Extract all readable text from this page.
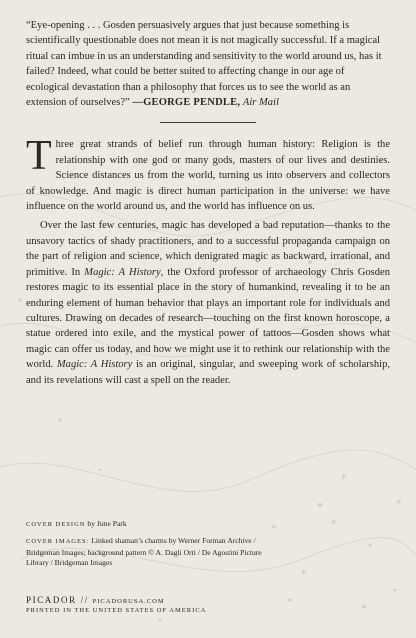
✶
✶
✶
✶
✶
✶

“Eye-opening . . . Gosden persuasively argues that just because something is scientifically questionable does not mean it is not magically successful. If a magical ritual can imbue in us an understanding and sensitivity to the world around us, has it failed? Indeed, what could be better suited to affecting change in our age of ecological devastation than a philosophy that forces us to see the world as an extension of ourselves?” —GEORGE PENDLE, Air Mail

Three great strands of belief run through human history: Religion is the relationship with one god or many gods, masters of our lives and destinies. Science distances us from the world, turning us into observers and collectors of knowledge. And magic is direct human participation in the universe: we have influence on the world around us, and the world has influence on us.

Over the last few centuries, magic has developed a bad reputation—thanks to the unsavory tactics of shady practitioners, and to a successful propaganda campaign on the part of religion and science, which denigrated magic as backward, irrational, and primitive. In Magic: A History, the Oxford professor of archaeology Chris Gosden restores magic to its essential place in the story of humankind, revealing it to be an enduring element of human behavior that plays an important role for individuals and cultures. Drawing on decades of research—touching on the first known horoscope, a statue ordered into exile, and the mystical power of tattoos—Gosden shows what magic can offer us today, and how we might use it to rethink our relationship with the world. Magic: A History is an original, singular, and sweeping work of scholarship, and its revelations will cast a spell on the reader.

COVER DESIGN by June Park

COVER IMAGES: Linked shaman’s charms by Werner Forman Archive / Bridgeman Images; background pattern © A. Dagli Orti / De Agostini Picture Library / Bridgeman Images

PICADOR // PICADORUSA.COM
PRINTED IN THE UNITED STATES OF AMERICA
